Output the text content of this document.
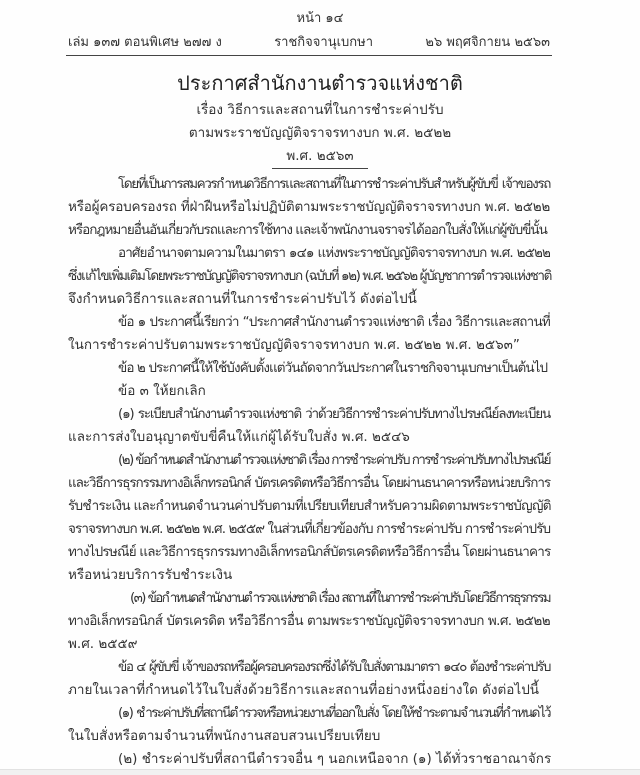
หน้า ๑๔
เล่ม ๑๓๗ ตอนพิเศษ ๒๗๗ ง	ราชกิจจานุเบกษา	๒๖ พฤศจิกายน ๒๕๖๓
ประกาศสำนักงานตำรวจแห่งชาติ
เรื่อง วิธีการและสถานที่ในการชำระค่าปรับ
ตามพระราชบัญญัติจราจรทางบก พ.ศ. ๒๕๒๒
พ.ศ. ๒๕๖๓
โดยที่เป็นการสมควรกำหนดวิธีการและสถานที่ในการชำระค่าปรับสำหรับผู้ขับขี่ เจ้าของรถ
หรือผู้ครอบครองรถ ที่ฝ่าฝืนหรือไม่ปฏิบัติตามพระราชบัญญัติจราจรทางบก พ.ศ. ๒๕๒๒
หรือกฎหมายอื่นอันเกี่ยวกับรถและการใช้ทาง และเจ้าพนักงานจราจรได้ออกใบสั่งให้แก่ผู้ขับขี่นั้น
อาศัยอำนาจตามความในมาตรา ๑๔๑ แห่งพระราชบัญญัติจราจรทางบก พ.ศ. ๒๕๒๒
ซึ่งแก้ไขเพิ่มเติมโดยพระราชบัญญัติจราจรทางบก (ฉบับที่ ๑๒) พ.ศ. ๒๕๖๒ ผู้บัญชาการตำรวจแห่งชาติ
จึงกำหนดวิธีการและสถานที่ในการชำระค่าปรับไว้ ดังต่อไปนี้
ข้อ ๑ ประกาศนี้เรียกว่า “ประกาศสำนักงานตำรวจแห่งชาติ เรื่อง วิธีการและสถานที่
ในการชำระค่าปรับตามพระราชบัญญัติจราจรทางบก พ.ศ. ๒๕๒๒ พ.ศ. ๒๕๖๓”
ข้อ ๒ ประกาศนี้ให้ใช้บังคับตั้งแต่วันถัดจากวันประกาศในราชกิจจานุเบกษาเป็นต้นไป
ข้อ ๓ ให้ยกเลิก
(๑) ระเบียบสำนักงานตำรวจแห่งชาติ ว่าด้วยวิธีการชำระค่าปรับทางไปรษณีย์ลงทะเบียน
และการส่งใบอนุญาตขับขี่คืนให้แก่ผู้ได้รับใบสั่ง พ.ศ. ๒๕๔๖
(๒) ข้อกำหนดสำนักงานตำรวจแห่งชาติ เรื่อง การชำระค่าปรับ การชำระค่าปรับทางไปรษณีย์
และวิธีการธุรกรรมทางอิเล็กทรอนิกส์ บัตรเครดิตหรือวิธีการอื่น โดยผ่านธนาคารหรือหน่วยบริการ
รับชำระเงิน และกำหนดจำนวนค่าปรับตามที่เปรียบเทียบสำหรับความผิดตามพระราชบัญญัติ
จราจรทางบก พ.ศ. ๒๕๒๒ พ.ศ. ๒๕๕๙ ในส่วนที่เกี่ยวข้องกับ การชำระค่าปรับ การชำระค่าปรับ
ทางไปรษณีย์ และวิธีการธุรกรรมทางอิเล็กทรอนิกส์บัตรเครดิตหรือวิธีการอื่น โดยผ่านธนาคาร
หรือหน่วยบริการรับชำระเงิน
(๓) ข้อกำหนดสำนักงานตำรวจแห่งชาติ เรื่อง สถานที่ในการชำระค่าปรับโดยวิธีการธุรกรรม
ทางอิเล็กทรอนิกส์ บัตรเครดิต หรือวิธีการอื่น ตามพระราชบัญญัติจราจรทางบก พ.ศ. ๒๕๒๒
พ.ศ. ๒๕๕๙
ข้อ ๔ ผู้ขับขี่ เจ้าของรถหรือผู้ครอบครองรถซึ่งได้รับใบสั่งตามมาตรา ๑๔๐ ต้องชำระค่าปรับ
ภายในเวลาที่กำหนดไว้ในใบสั่งด้วยวิธีการและสถานที่อย่างหนึ่งอย่างใด ดังต่อไปนี้
(๑) ชำระค่าปรับที่สถานีตำรวจหรือหน่วยงานที่ออกใบสั่ง โดยให้ชำระตามจำนวนที่กำหนดไว้
ในใบสั่งหรือตามจำนวนที่พนักงานสอบสวนเปรียบเทียบ
(๒) ชำระค่าปรับที่สถานีตำรวจอื่น ๆ นอกเหนือจาก (๑) ได้ทั่วราชอาณาจักร
